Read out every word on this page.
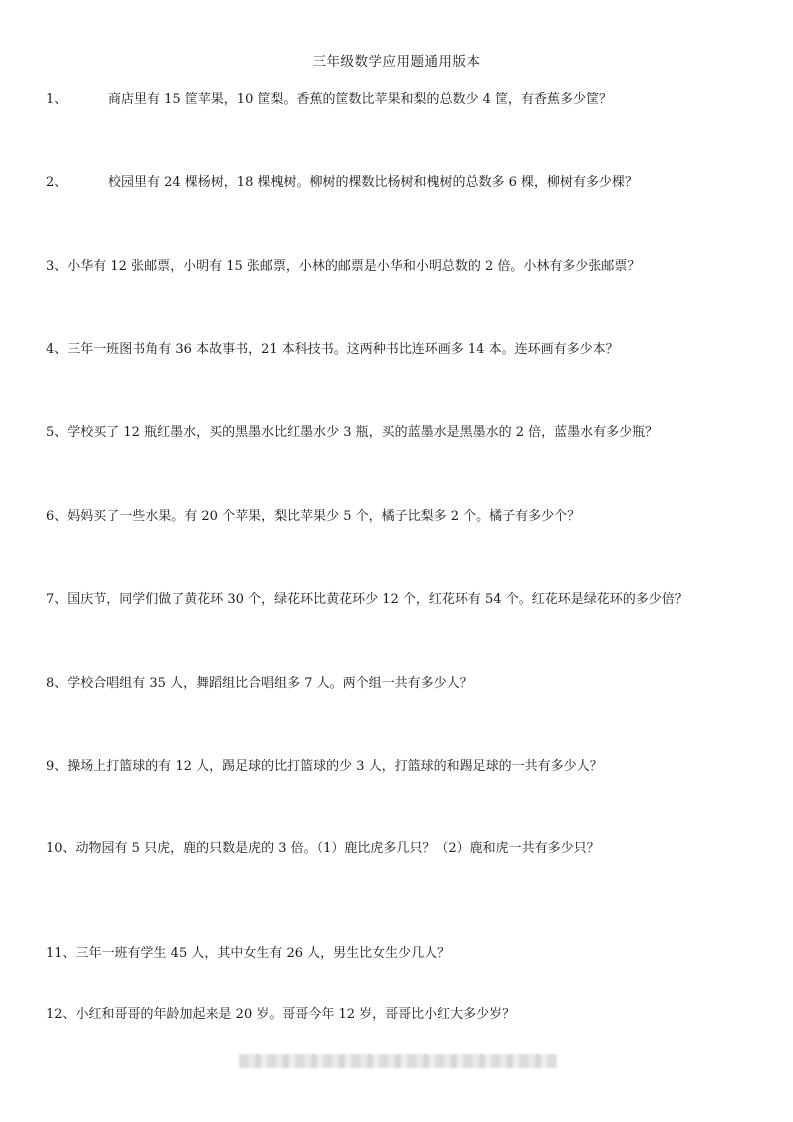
三年级数学应用题通用版本
1、	商店里有 15 筐苹果，10 筐梨。香蕉的筐数比苹果和梨的总数少 4 筐，有香蕉多少筐？
2、	校园里有 24 棵杨树，18 棵槐树。柳树的棵数比杨树和槐树的总数多 6 棵，柳树有多少棵？
3、小华有 12 张邮票，小明有 15 张邮票，小林的邮票是小华和小明总数的 2 倍。小林有多少张邮票？
4、三年一班图书角有 36 本故事书，21 本科技书。这两种书比连环画多 14 本。连环画有多少本？
5、学校买了 12 瓶红墨水，买的黑墨水比红墨水少 3 瓶，买的蓝墨水是黑墨水的 2 倍，蓝墨水有多少瓶？
6、妈妈买了一些水果。有 20 个苹果，梨比苹果少 5 个，橘子比梨多 2 个。橘子有多少个？
7、国庆节，同学们做了黄花环 30 个，绿花环比黄花环少 12 个，红花环有 54 个。红花环是绿花环的多少倍？
8、学校合唱组有 35 人，舞蹈组比合唱组多 7 人。两个组一共有多少人？
9、操场上打篮球的有 12 人，踢足球的比打篮球的少 3 人，打篮球的和踢足球的一共有多少人？
10、动物园有 5 只虎，鹿的只数是虎的 3 倍。（1）鹿比虎多几只？（2）鹿和虎一共有多少只？
11、三年一班有学生 45 人，其中女生有 26 人，男生比女生少几人？
12、小红和哥哥的年龄加起来是 20 岁。哥哥今年 12 岁，哥哥比小红大多少岁？
